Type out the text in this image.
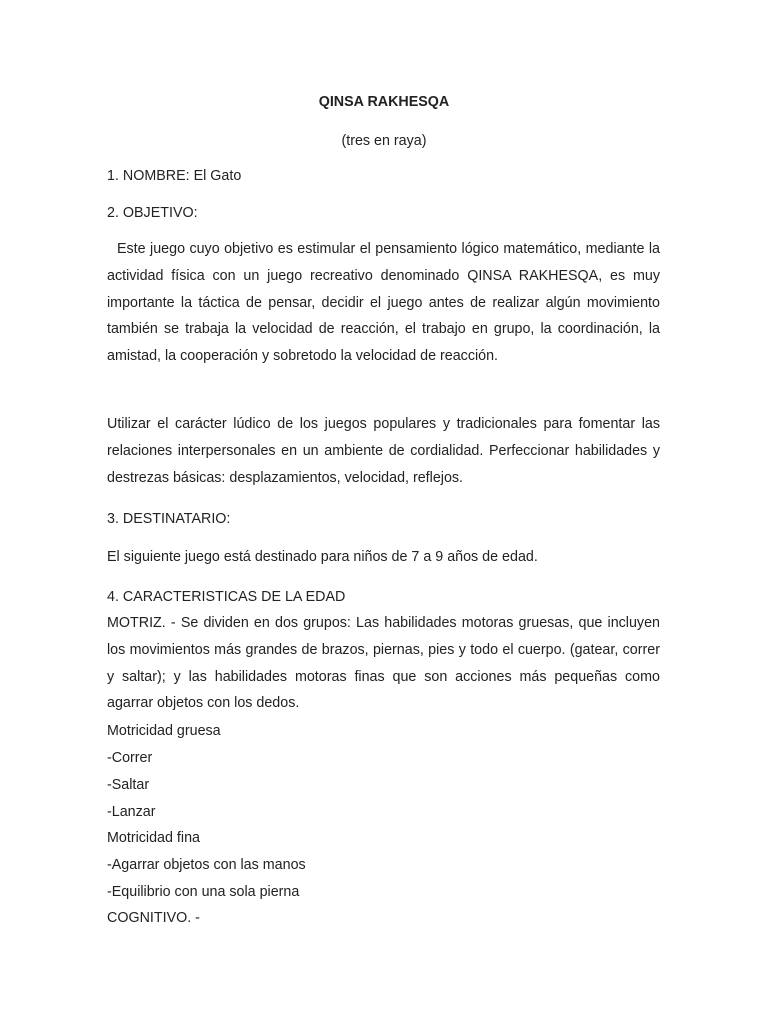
QINSA RAKHESQA
(tres en raya)
1. NOMBRE: El Gato
2. OBJETIVO:
Este juego cuyo objetivo es estimular el pensamiento lógico matemático, mediante la actividad física con un juego recreativo denominado QINSA RAKHESQA, es muy importante la táctica de pensar, decidir el juego antes de realizar algún movimiento también se trabaja la velocidad de reacción, el trabajo en grupo, la coordinación, la amistad, la cooperación y sobretodo la velocidad de reacción.
Utilizar el carácter lúdico de los juegos populares y tradicionales para fomentar las relaciones interpersonales en un ambiente de cordialidad. Perfeccionar habilidades y destrezas básicas: desplazamientos, velocidad, reflejos.
3. DESTINATARIO:
El siguiente juego está destinado para niños de 7 a 9 años de edad.
4. CARACTERISTICAS DE LA EDAD
MOTRIZ. - Se dividen en dos grupos: Las habilidades motoras gruesas, que incluyen los movimientos más grandes de brazos, piernas, pies y todo el cuerpo. (gatear, correr y saltar); y las habilidades motoras finas que son acciones más pequeñas como agarrar objetos con los dedos.
Motricidad gruesa
-Correr
-Saltar
-Lanzar
Motricidad fina
-Agarrar objetos con las manos
-Equilibrio con una sola pierna
COGNITIVO. -
